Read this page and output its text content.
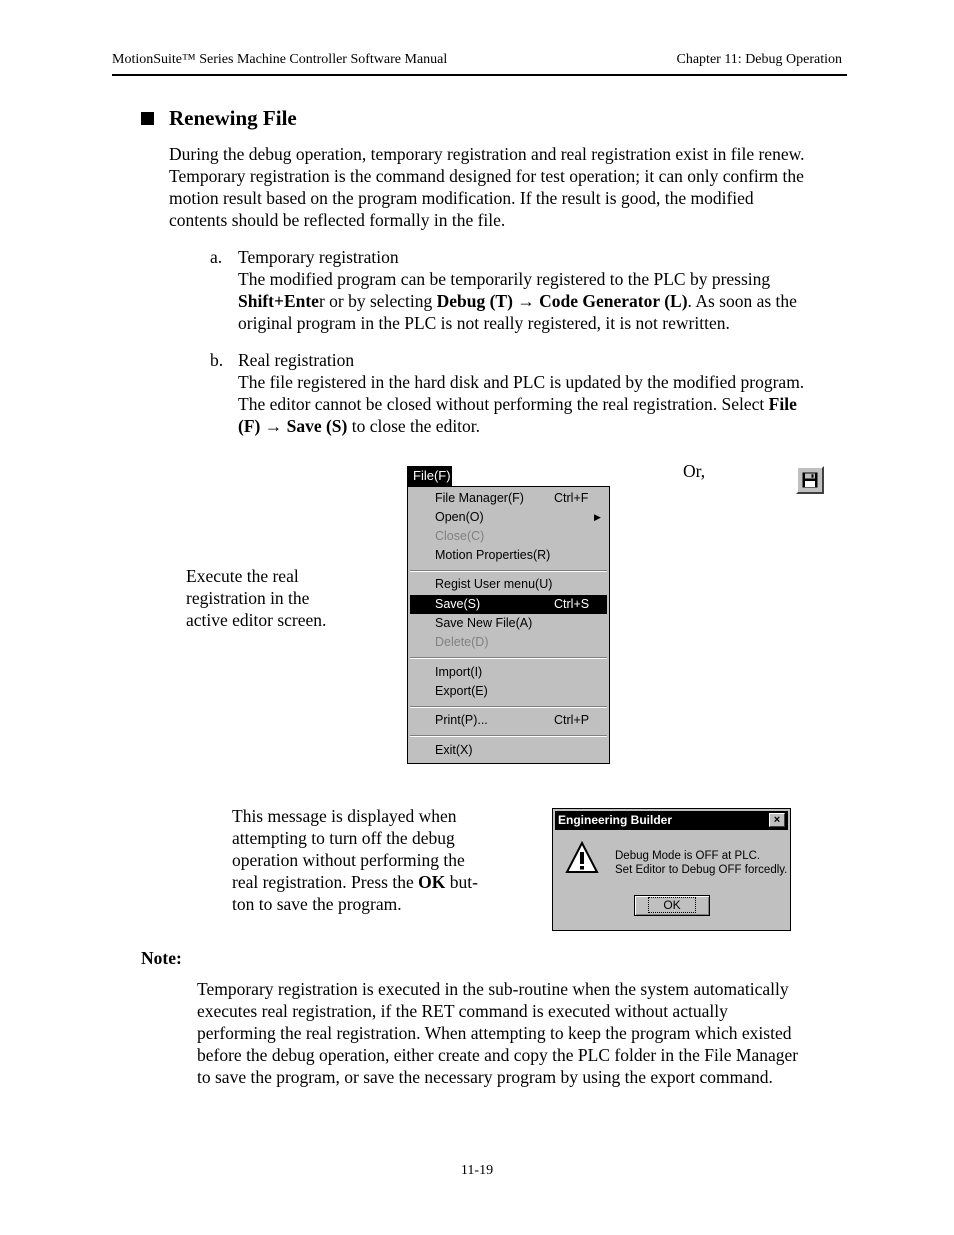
MotionSuite™ Series Machine Controller Software Manual	Chapter 11: Debug Operation
Renewing File

During the debug operation, temporary registration and real registration exist in file renew.

Temporary registration is the command designed for test operation; it can only confirm the

motion result based on the program modification. If the result is good, the modified

contents should be reflected formally in the file.

a. Temporary registration
The modified program can be temporarily registered to the PLC by pressing
Shift+Enter or by selecting Debug (T) → Code Generator (L). As soon as the
original program in the PLC is not really registered, it is not rewritten.
b. Real registration
The file registered in the hard disk and PLC is updated by the modified program.
The editor cannot be closed without performing the real registration. Select File
(F) → Save (S) to close the editor.
Or,
Execute the real
registration in the
active editor screen.
File(F)
File Manager(F) Ctrl+F
Open(O)	▶
Close(C)
Motion Properties(R)
Regist User menu(U)
Save(S)	Ctrl+S
Save New File(A)
Delete(D)
Import(I)
Export(E)
Print(P)...	Ctrl+P
Exit(X)
This message is displayed when
attempting to turn off the debug
operation without performing the
real registration. Press the OK but-
ton to save the program.
Engineering Builder	×
Debug Mode is OFF at PLC.
Set Editor to Debug OFF forcedly.
OK
Note:
Temporary registration is executed in the sub-routine when the system automatically
executes real registration, if the RET command is executed without actually
performing the real registration. When attempting to keep the program which existed
before the debug operation, either create and copy the PLC folder in the File Manager
to save the program, or save the necessary program by using the export command.
11-19
